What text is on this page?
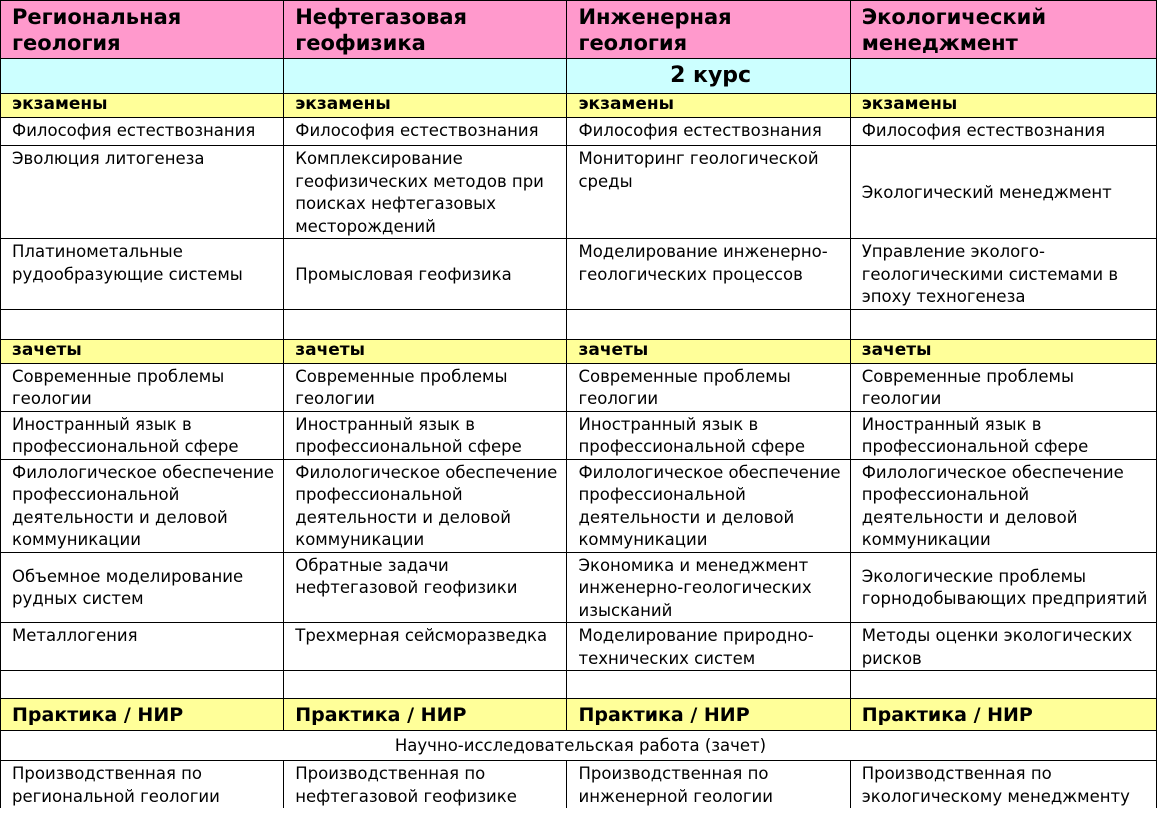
Региональная геология	Нефтегазовая геофизика	Инженерная геология	Экологический менеджмент
		2 курс	
экзамены	экзамены	экзамены	экзамены
Философия естествознания	Философия естествознания	Философия естествознания	Философия естествознания
Эволюция литогенеза	Комплексирование геофизических методов при поисках нефтегазовых месторождений	Мониторинг геологической среды	Экологический менеджмент
Платинометальные рудообразующие системы	Промысловая геофизика	Моделирование инженерно-геологических процессов	Управление эколого-геологическими системами в эпоху техногенеза

зачеты	зачеты	зачеты	зачеты
Современные проблемы геологии	Современные проблемы геологии	Современные проблемы геологии	Современные проблемы геологии
Иностранный язык в профессиональной сфере	Иностранный язык в профессиональной сфере	Иностранный язык в профессиональной сфере	Иностранный язык в профессиональной сфере
Филологическое обеспечение профессиональной деятельности и деловой коммуникации	Филологическое обеспечение профессиональной деятельности и деловой коммуникации	Филологическое обеспечение профессиональной деятельности и деловой коммуникации	Филологическое обеспечение профессиональной деятельности и деловой коммуникации
Объемное моделирование рудных систем	Обратные задачи нефтегазовой геофизики	Экономика и менеджмент инженерно-геологических изысканий	Экологические проблемы горнодобывающих предприятий
Металлогения	Трехмерная сейсморазведка	Моделирование природно-технических систем	Методы оценки экологических рисков

Практика / НИР	Практика / НИР	Практика / НИР	Практика / НИР
Научно-исследовательская работа (зачет)			
Производственная по региональной геологии	Производственная по нефтегазовой геофизике	Производственная по инженерной геологии	Производственная по экологическому менеджменту
